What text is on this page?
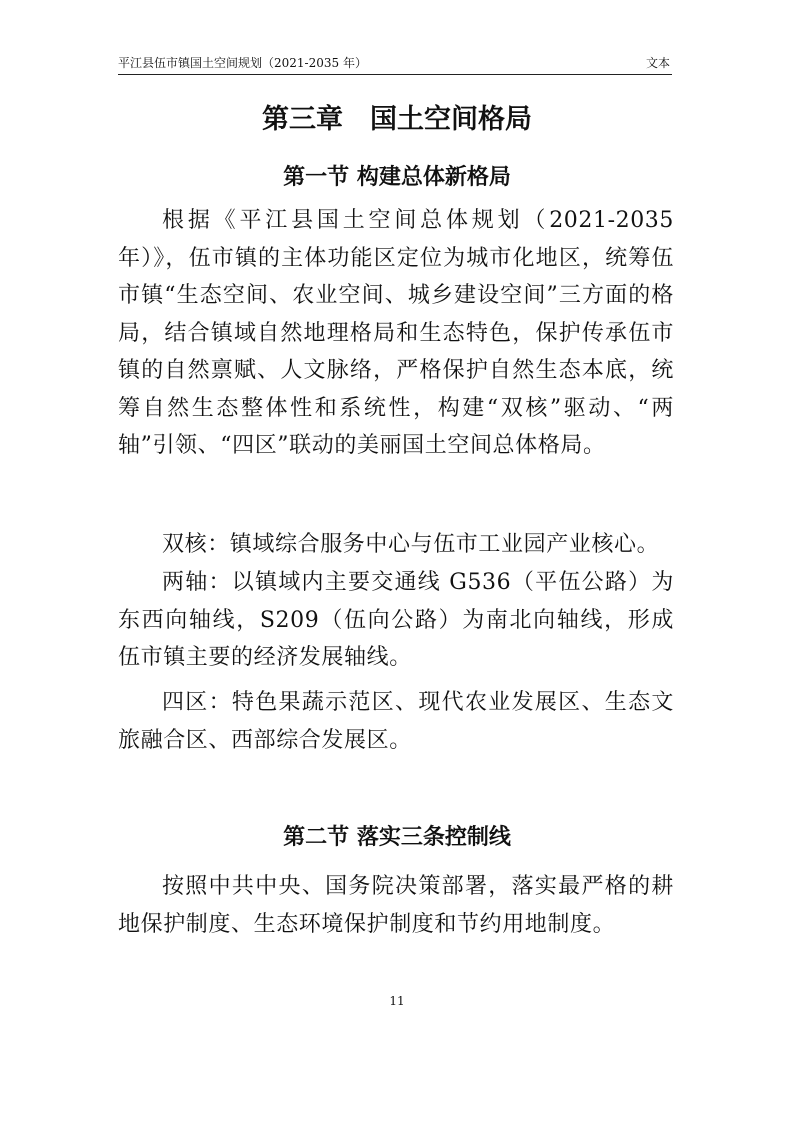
平江县伍市镇国土空间规划（2021-2035 年）	文本
第三章　国土空间格局
第一节 构建总体新格局

根据《平江县国土空间总体规划（2021-2035 年）》，伍市镇的主体功能区定位为城市化地区，统筹伍市镇“生态空间、农业空间、城乡建设空间”三方面的格局，结合镇域自然地理格局和生态特色，保护传承伍市镇的自然禀赋、人文脉络，严格保护自然生态本底，统筹自然生态整体性和系统性，构建“双核”驱动、“两轴”引领、“四区”联动的美丽国土空间总体格局。

双核：镇域综合服务中心与伍市工业园产业核心。

两轴：以镇域内主要交通线 G536（平伍公路）为东西向轴线，S209（伍向公路）为南北向轴线，形成伍市镇主要的经济发展轴线。

四区：特色果蔬示范区、现代农业发展区、生态文旅融合区、西部综合发展区。

第二节 落实三条控制线

按照中共中央、国务院决策部署，落实最严格的耕地保护制度、生态环境保护制度和节约用地制度。

11
